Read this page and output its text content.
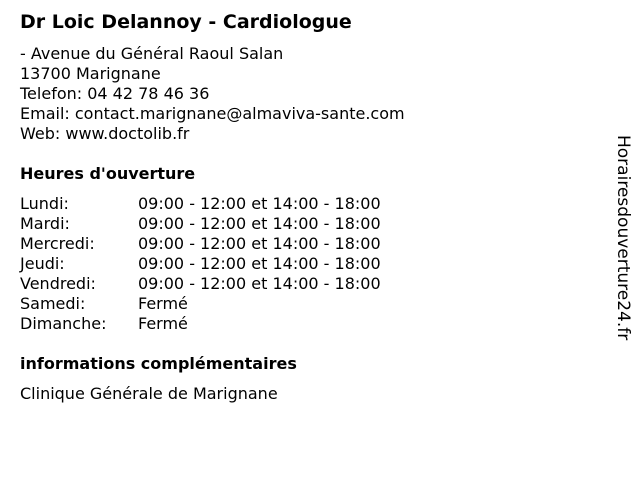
Dr Loic Delannoy - Cardiologue
- Avenue du Général Raoul Salan
13700 Marignane
Telefon: 04 42 78 46 36
Email: contact.marignane@almaviva-sante.com
Web: www.doctolib.fr
Heures d'ouverture
Lundi:	09:00 - 12:00 et 14:00 - 18:00
Mardi:	09:00 - 12:00 et 14:00 - 18:00
Mercredi:	09:00 - 12:00 et 14:00 - 18:00
Jeudi:	09:00 - 12:00 et 14:00 - 18:00
Vendredi:	09:00 - 12:00 et 14:00 - 18:00
Samedi:	Fermé
Dimanche: Fermé
informations complémentaires
Clinique Générale de Marignane
Horairesdouverture24.fr
